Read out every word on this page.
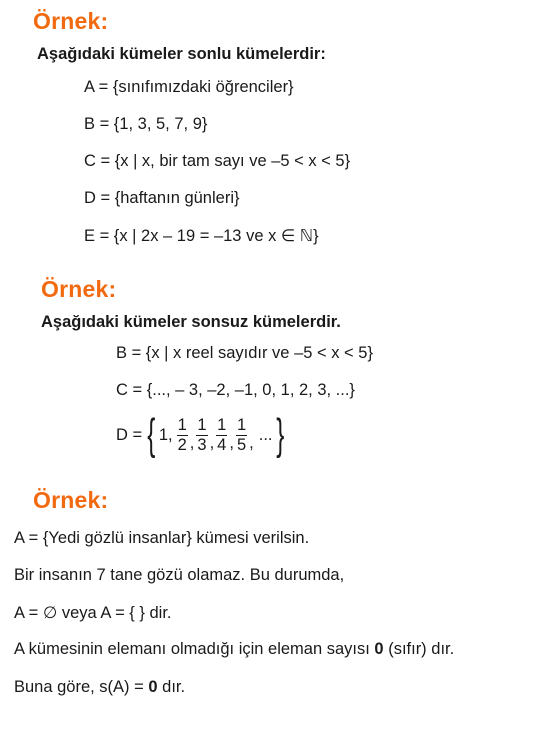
Örnek:
Aşağıdaki kümeler sonlu kümelerdir:
A = {sınıfımızdaki öğrenciler}
B = {1, 3, 5, 7, 9}
C = {x | x, bir tam sayı ve –5 < x < 5}
D = {haftanın günleri}
E = {x | 2x – 19 = –13 ve x ∈ ℕ}
Örnek:
Aşağıdaki kümeler sonsuz kümelerdir.
B = {x | x reel sayıdır ve –5 < x < 5}
C = {..., – 3, –2, –1, 0, 1, 2, 3, ...}
D = { 1, $\frac{1}{2}$ , $\frac{1}{3}$ , $\frac{1}{4}$ , $\frac{1}{5}$ , ... }
Örnek:
A = {Yedi gözlü insanlar} kümesi verilsin.
Bir insanın 7 tane gözü olamaz. Bu durumda,
A = ∅ veya A = { } dir.
A kümesinin elemanı olmadığı için eleman sayısı 0 (sıfır) dır.
Buna göre, s(A) = 0 dır.
